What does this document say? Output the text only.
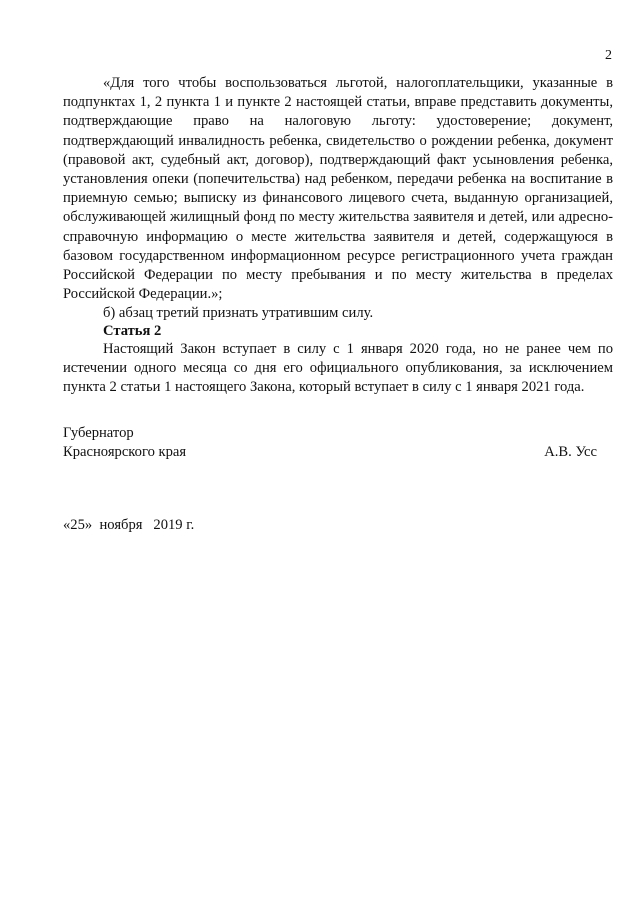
2

«Для того чтобы воспользоваться льготой, налогоплательщики, указанные в подпунктах 1, 2 пункта 1 и пункте 2 настоящей статьи, вправе представить документы, подтверждающие право на налоговую льготу: удостоверение; документ, подтверждающий инвалидность ребенка, свидетельство о рождении ребенка, документ (правовой акт, судебный акт, договор), подтверждающий факт усыновления ребенка, установления опеки (попечительства) над ребенком, передачи ребенка на воспитание в приемную семью; выписку из финансового лицевого счета, выданную организацией, обслуживающей жилищный фонд по месту жительства заявителя и детей, или адресно-справочную информацию о месте жительства заявителя и детей, содержащуюся в базовом государственном информационном ресурсе регистрационного учета граждан Российской Федерации по месту пребывания и по месту жительства в пределах Российской Федерации.»;

б) абзац третий признать утратившим силу.

Статья 2

Настоящий Закон вступает в силу с 1 января 2020 года, но не ранее чем по истечении одного месяца со дня его официального опубликования, за исключением пункта 2 статьи 1 настоящего Закона, который вступает в силу с 1 января 2021 года.

Губернатор
Красноярского края	А.В. Усс

«25»  ноября   2019 г.
